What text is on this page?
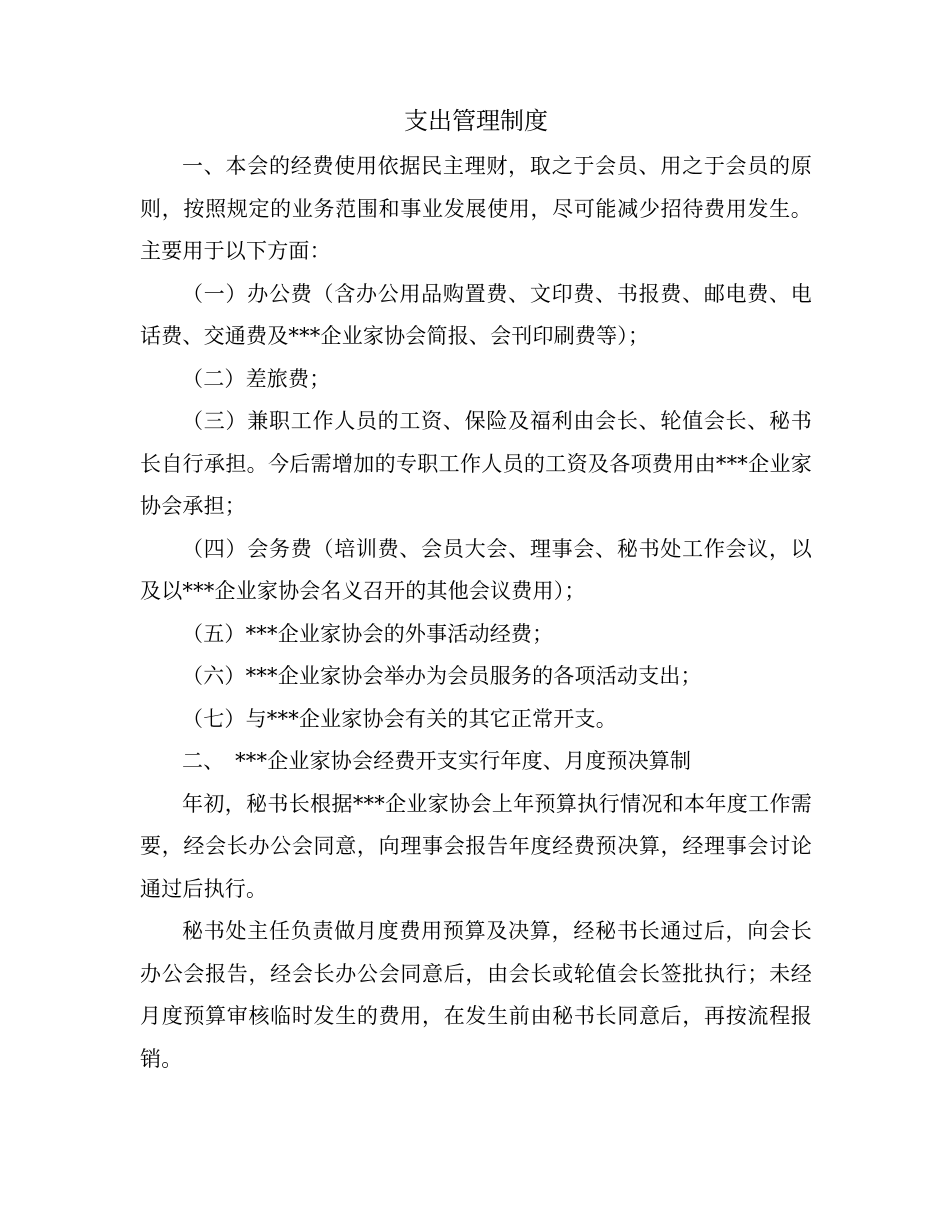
支出管理制度

一、本会的经费使用依据民主理财，取之于会员、用之于会员的原则，按照规定的业务范围和事业发展使用，尽可能减少招待费用发生。主要用于以下方面：

（一）办公费（含办公用品购置费、文印费、书报费、邮电费、电话费、交通费及***企业家协会简报、会刊印刷费等）；

（二）差旅费；

（三）兼职工作人员的工资、保险及福利由会长、轮值会长、秘书长自行承担。今后需增加的专职工作人员的工资及各项费用由***企业家协会承担；

（四）会务费（培训费、会员大会、理事会、秘书处工作会议，以及以***企业家协会名义召开的其他会议费用）；

（五）***企业家协会的外事活动经费；

（六）***企业家协会举办为会员服务的各项活动支出；

（七）与***企业家协会有关的其它正常开支。

二、　***企业家协会经费开支实行年度、月度预决算制

年初，秘书长根据***企业家协会上年预算执行情况和本年度工作需要，经会长办公会同意，向理事会报告年度经费预决算，经理事会讨论通过后执行。

秘书处主任负责做月度费用预算及决算，经秘书长通过后，向会长办公会报告，经会长办公会同意后，由会长或轮值会长签批执行；未经月度预算审核临时发生的费用，在发生前由秘书长同意后，再按流程报销。
